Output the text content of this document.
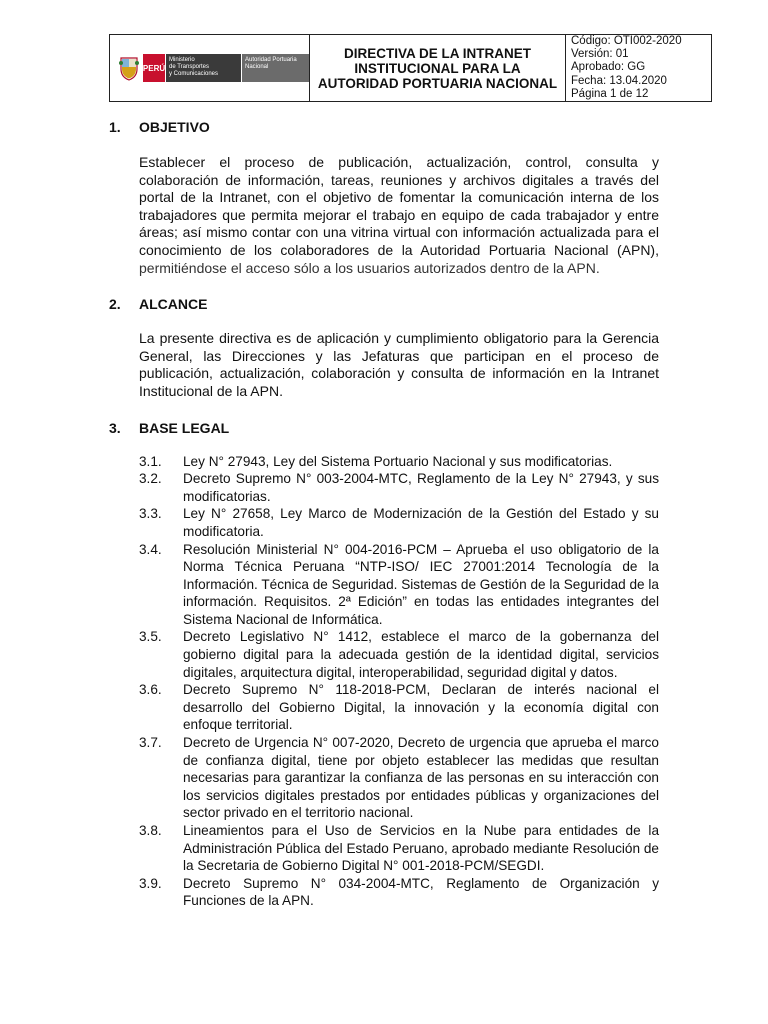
PERÚ
Ministerio
de Transportes
y Comunicaciones
Autoridad Portuaria
Nacional
DIRECTIVA DE LA INTRANET
INSTITUCIONAL PARA LA
AUTORIDAD PORTUARIA NACIONAL
Código: OTI002-2020
Versión: 01
Aprobado: GG
Fecha: 13.04.2020
Página 1 de 12
1.	OBJETIVO
Establecer el proceso de publicación, actualización, control, consulta y colaboración de información, tareas, reuniones y archivos digitales a través del portal de la Intranet, con el objetivo de fomentar la comunicación interna de los trabajadores que permita mejorar el trabajo en equipo de cada trabajador y entre áreas; así mismo contar con una vitrina virtual con información actualizada para el conocimiento de los colaboradores de la Autoridad Portuaria Nacional (APN), permitiéndose el acceso sólo a los usuarios autorizados dentro de la APN.
2.	ALCANCE
La presente directiva es de aplicación y cumplimiento obligatorio para la Gerencia General, las Direcciones y las Jefaturas que participan en el proceso de publicación, actualización, colaboración y consulta de información en la Intranet Institucional de la APN.
3.	BASE LEGAL
3.1.	Ley N° 27943, Ley del Sistema Portuario Nacional y sus modificatorias.
3.2.	Decreto Supremo N° 003-2004-MTC, Reglamento de la Ley N° 27943, y sus modificatorias.
3.3.	Ley N° 27658, Ley Marco de Modernización de la Gestión del Estado y su modificatoria.
3.4.	Resolución Ministerial N° 004-2016-PCM – Aprueba el uso obligatorio de la Norma Técnica Peruana “NTP-ISO/ IEC 27001:2014 Tecnología de la Información. Técnica de Seguridad. Sistemas de Gestión de la Seguridad de la información. Requisitos. 2ª Edición” en todas las entidades integrantes del Sistema Nacional de Informática.
3.5.	Decreto Legislativo N° 1412, establece el marco de la gobernanza del gobierno digital para la adecuada gestión de la identidad digital, servicios digitales, arquitectura digital, interoperabilidad, seguridad digital y datos.
3.6.	Decreto Supremo N° 118-2018-PCM, Declaran de interés nacional el desarrollo del Gobierno Digital, la innovación y la economía digital con enfoque territorial.
3.7.	Decreto de Urgencia N° 007-2020, Decreto de urgencia que aprueba el marco de confianza digital, tiene por objeto establecer las medidas que resultan necesarias para garantizar la confianza de las personas en su interacción con los servicios digitales prestados por entidades públicas y organizaciones del sector privado en el territorio nacional.
3.8.	Lineamientos para el Uso de Servicios en la Nube para entidades de la Administración Pública del Estado Peruano, aprobado mediante Resolución de la Secretaria de Gobierno Digital N° 001-2018-PCM/SEGDI.
3.9.	Decreto Supremo N° 034-2004-MTC, Reglamento de Organización y Funciones de la APN.
